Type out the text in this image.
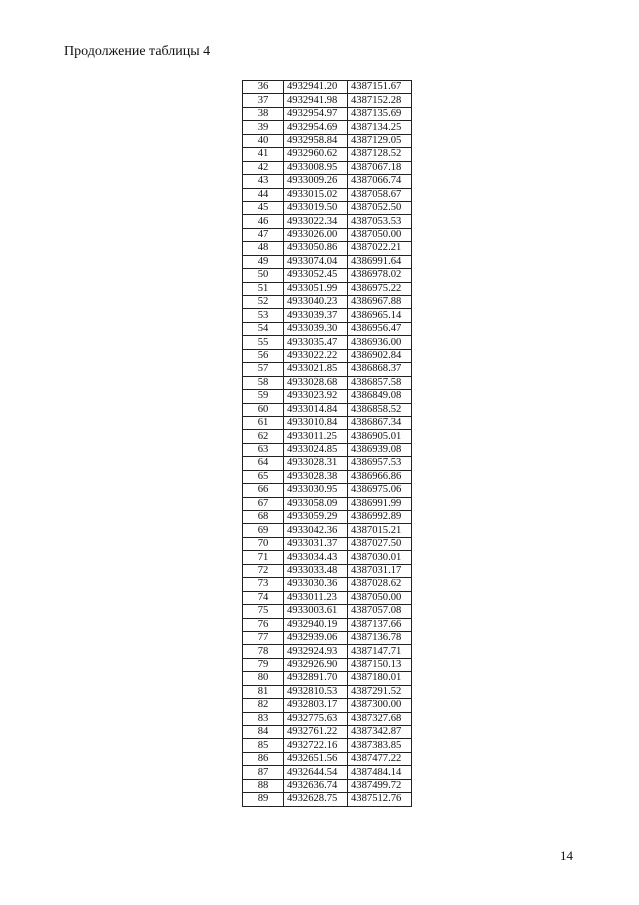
Продолжение таблицы 4
36	4932941.20	4387151.67
37	4932941.98	4387152.28
38	4932954.97	4387135.69
39	4932954.69	4387134.25
40	4932958.84	4387129.05
41	4932960.62	4387128.52
42	4933008.95	4387067.18
43	4933009.26	4387066.74
44	4933015.02	4387058.67
45	4933019.50	4387052.50
46	4933022.34	4387053.53
47	4933026.00	4387050.00
48	4933050.86	4387022.21
49	4933074.04	4386991.64
50	4933052.45	4386978.02
51	4933051.99	4386975.22
52	4933040.23	4386967.88
53	4933039.37	4386965.14
54	4933039.30	4386956.47
55	4933035.47	4386936.00
56	4933022.22	4386902.84
57	4933021.85	4386868.37
58	4933028.68	4386857.58
59	4933023.92	4386849.08
60	4933014.84	4386858.52
61	4933010.84	4386867.34
62	4933011.25	4386905.01
63	4933024.85	4386939.08
64	4933028.31	4386957.53
65	4933028.38	4386966.86
66	4933030.95	4386975.06
67	4933058.09	4386991.99
68	4933059.29	4386992.89
69	4933042.36	4387015.21
70	4933031.37	4387027.50
71	4933034.43	4387030.01
72	4933033.48	4387031.17
73	4933030.36	4387028.62
74	4933011.23	4387050.00
75	4933003.61	4387057.08
76	4932940.19	4387137.66
77	4932939.06	4387136.78
78	4932924.93	4387147.71
79	4932926.90	4387150.13
80	4932891.70	4387180.01
81	4932810.53	4387291.52
82	4932803.17	4387300.00
83	4932775.63	4387327.68
84	4932761.22	4387342.87
85	4932722.16	4387383.85
86	4932651.56	4387477.22
87	4932644.54	4387484.14
88	4932636.74	4387499.72
89	4932628.75	4387512.76
14
